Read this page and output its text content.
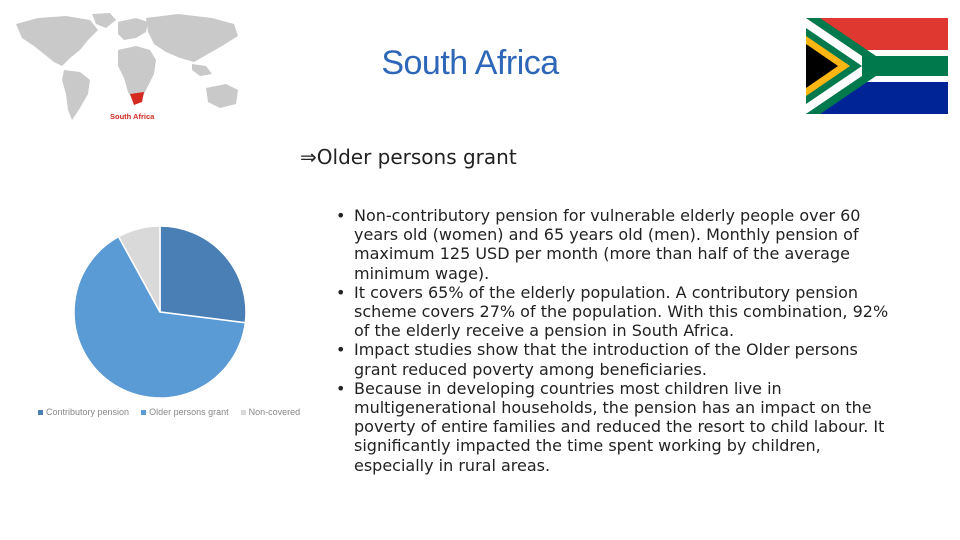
South Africa
South Africa
⇒Older persons grant
Contributory pension Older persons grant Non-covered
• Non-contributory pension for vulnerable elderly people over 60 years old (women) and 65 years old (men). Monthly pension of maximum 125 USD per month (more than half of the average minimum wage).
• It covers 65% of the elderly population. A contributory pension scheme covers 27% of the population. With this combination, 92% of the elderly receive a pension in South Africa.
• Impact studies show that the introduction of the Older persons grant reduced poverty among beneficiaries.
• Because in developing countries most children live in multigenerational households, the pension has an impact on the poverty of entire families and reduced the resort to child labour. It significantly impacted the time spent working by children, especially in rural areas.
